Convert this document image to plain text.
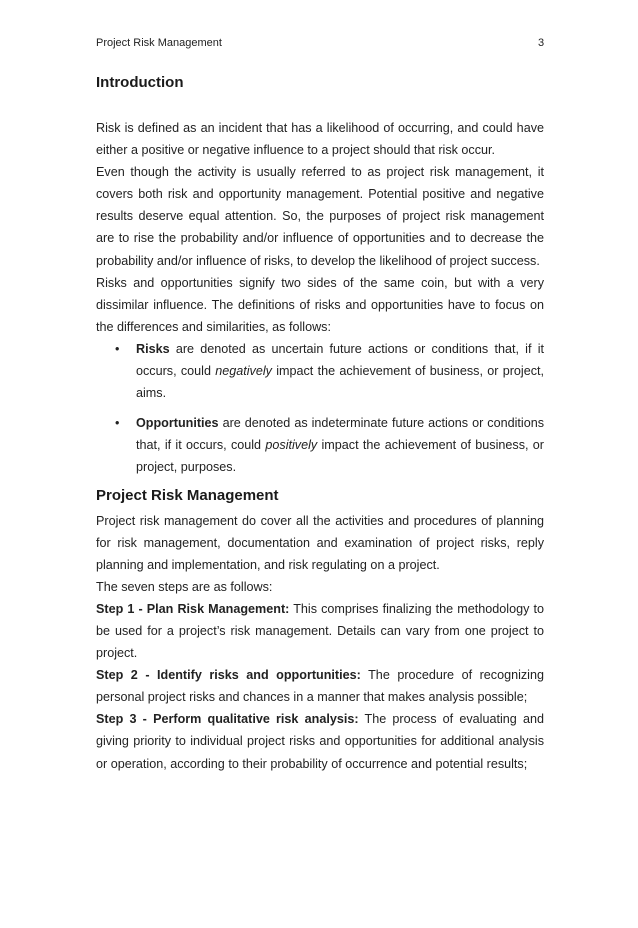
Project Risk Management	3
Introduction

Risk is defined as an incident that has a likelihood of occurring, and could have either a positive or negative influence to a project should that risk occur.

Even though the activity is usually referred to as project risk management, it covers both risk and opportunity management. Potential positive and negative results deserve equal attention. So, the purposes of project risk management are to rise the probability and/or influence of opportunities and to decrease the probability and/or influence of risks, to develop the likelihood of project success.

Risks and opportunities signify two sides of the same coin, but with a very dissimilar influence. The definitions of risks and opportunities have to focus on the differences and similarities, as follows:

• Risks are denoted as uncertain future actions or conditions that, if it occurs, could negatively impact the achievement of business, or project, aims.
• Opportunities are denoted as indeterminate future actions or conditions that, if it occurs, could positively impact the achievement of business, or project, purposes.
Project Risk Management

Project risk management do cover all the activities and procedures of planning for risk management, documentation and examination of project risks, reply planning and implementation, and risk regulating on a project.

The seven steps are as follows:

Step 1 - Plan Risk Management: This comprises finalizing the methodology to be used for a project’s risk management. Details can vary from one project to project.

Step 2 - Identify risks and opportunities: The procedure of recognizing personal project risks and chances in a manner that makes analysis possible;

Step 3 - Perform qualitative risk analysis: The process of evaluating and giving priority to individual project risks and opportunities for additional analysis or operation, according to their probability of occurrence and potential results;
